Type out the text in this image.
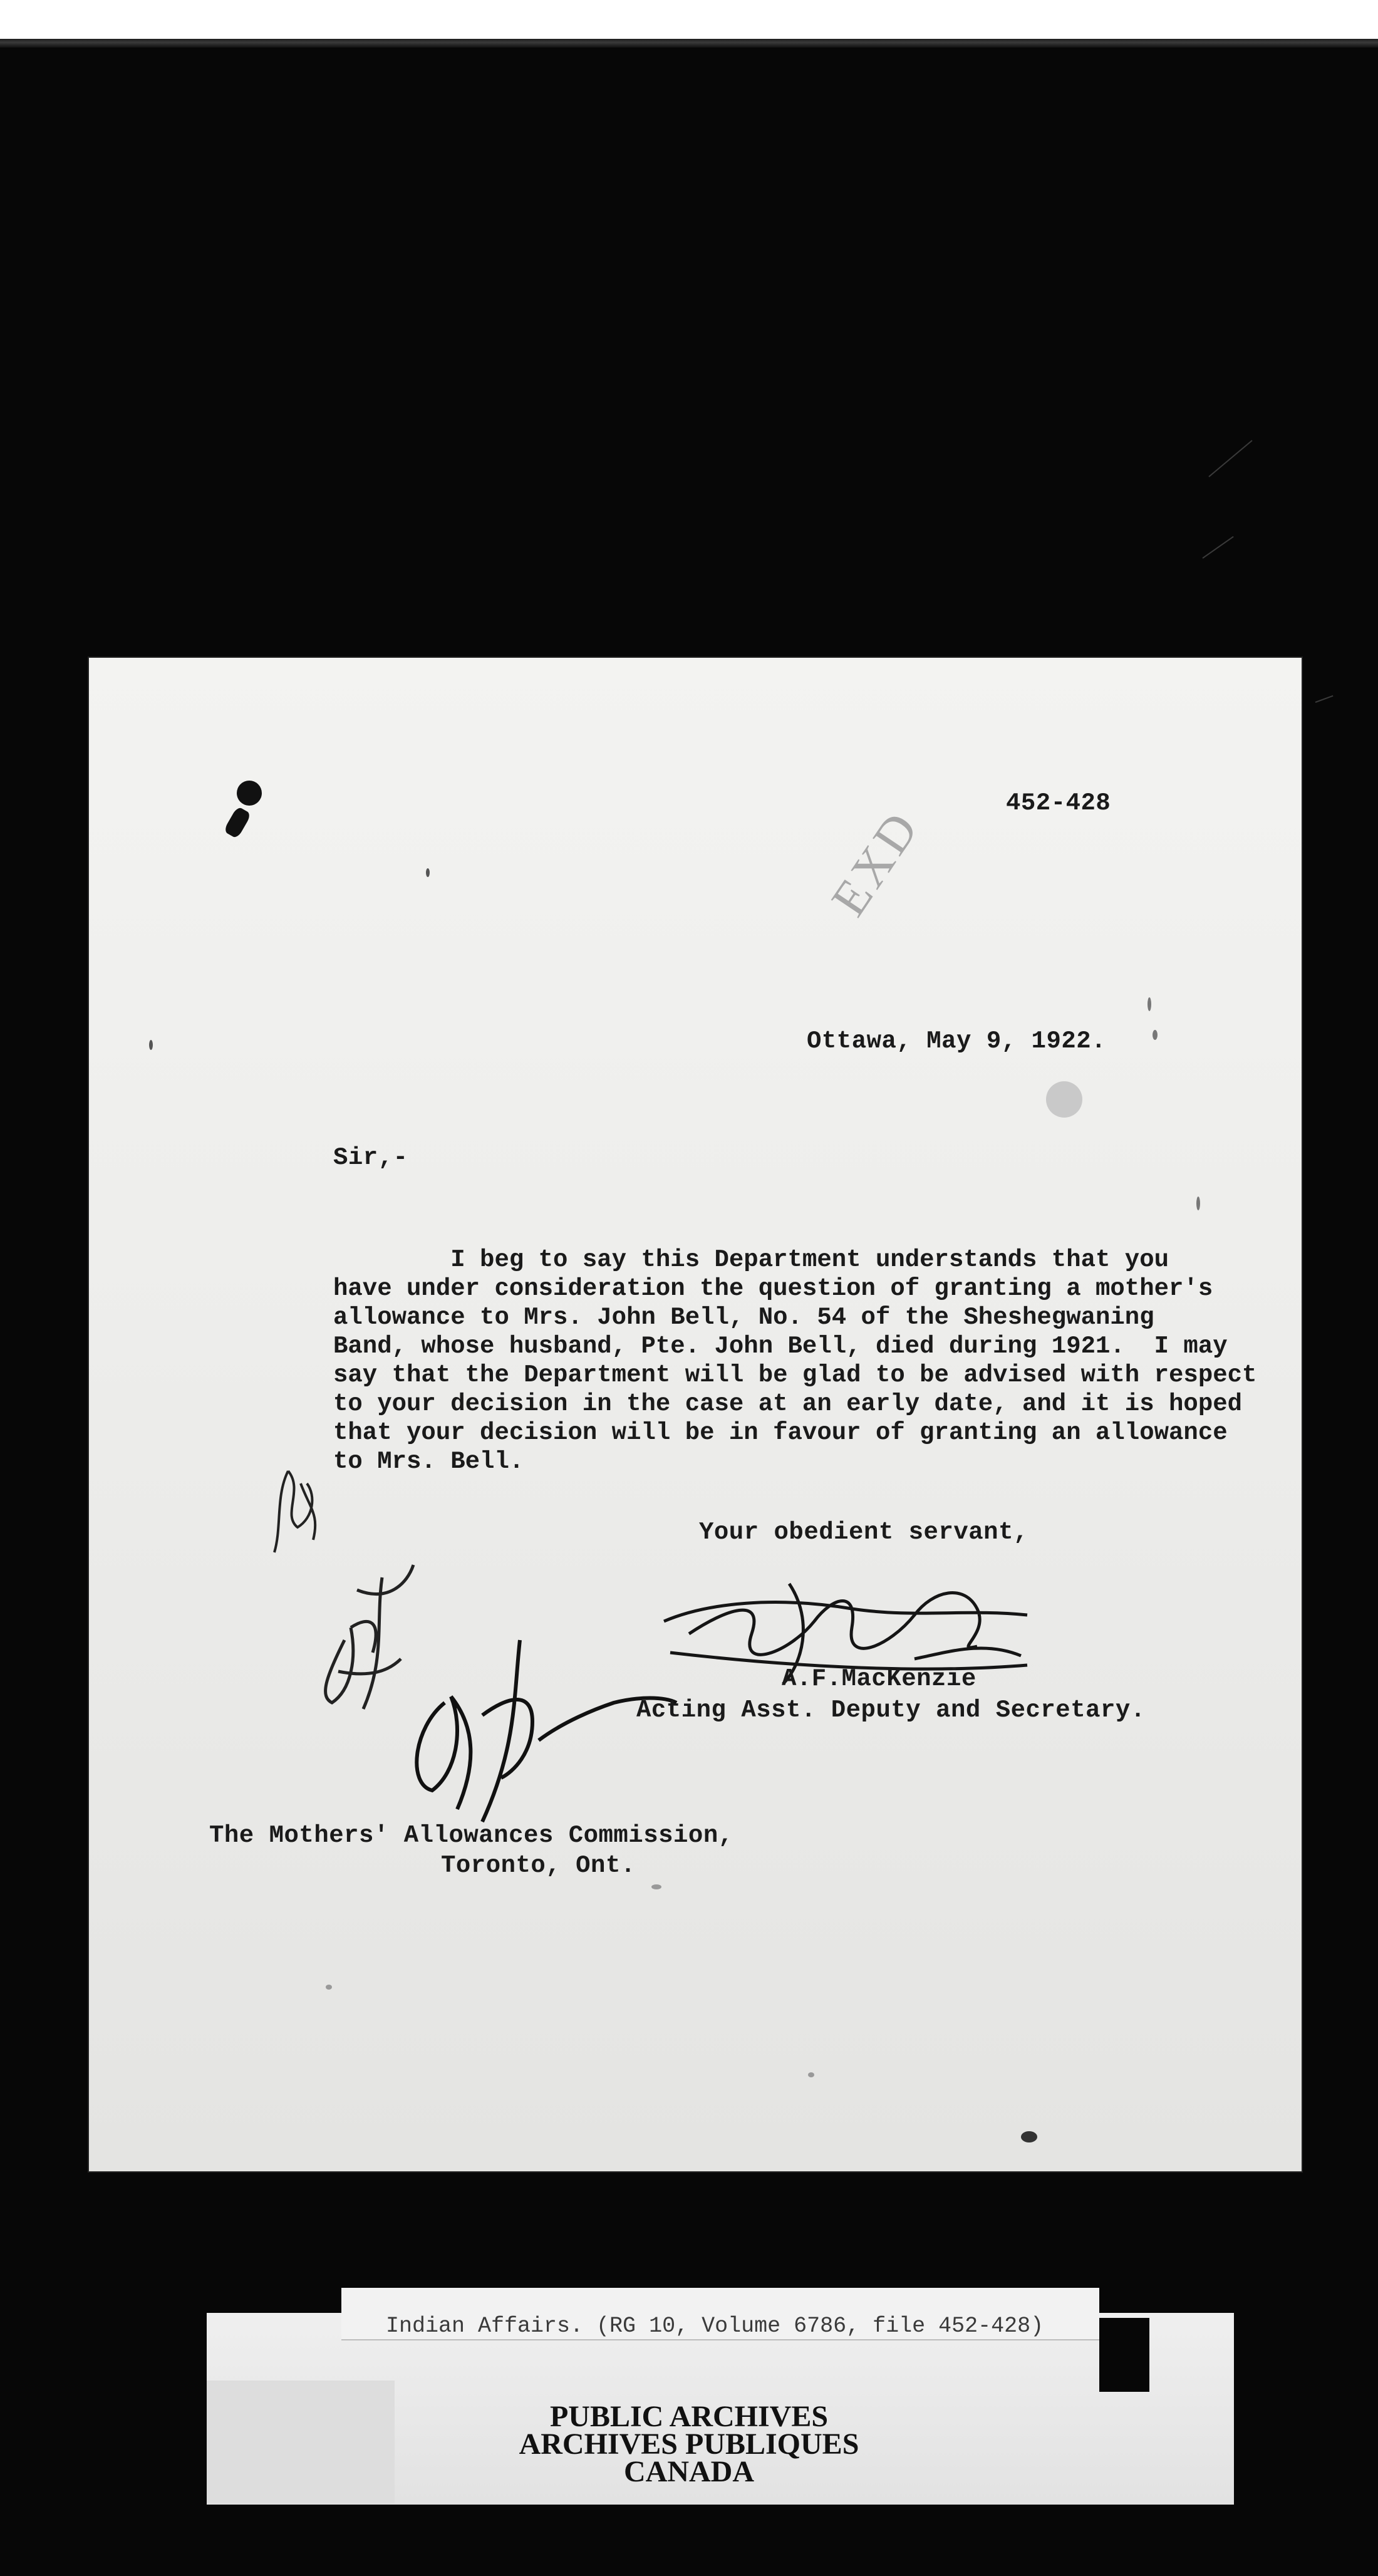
452-428
EXD
Ottawa, May 9, 1922.
Sir,-

I beg to say this Department understands that you

have under consideration the question of granting a mother's

allowance to Mrs. John Bell, No. 54 of the Sheshegwaning

Band, whose husband, Pte. John Bell, died during 1921.  I may

say that the Department will be glad to be advised with respect

to your decision in the case at an early date, and it is hoped

that your decision will be in favour of granting an allowance

to Mrs. Bell.

Your obedient servant,
A.F.MacKenzie
Acting Asst. Deputy and Secretary.
The Mothers' Allowances Commission,
Toronto, Ont.
Indian Affairs. (RG 10, Volume 6786, file 452-428)
PUBLIC ARCHIVES
ARCHIVES PUBLIQUES
CANADA
